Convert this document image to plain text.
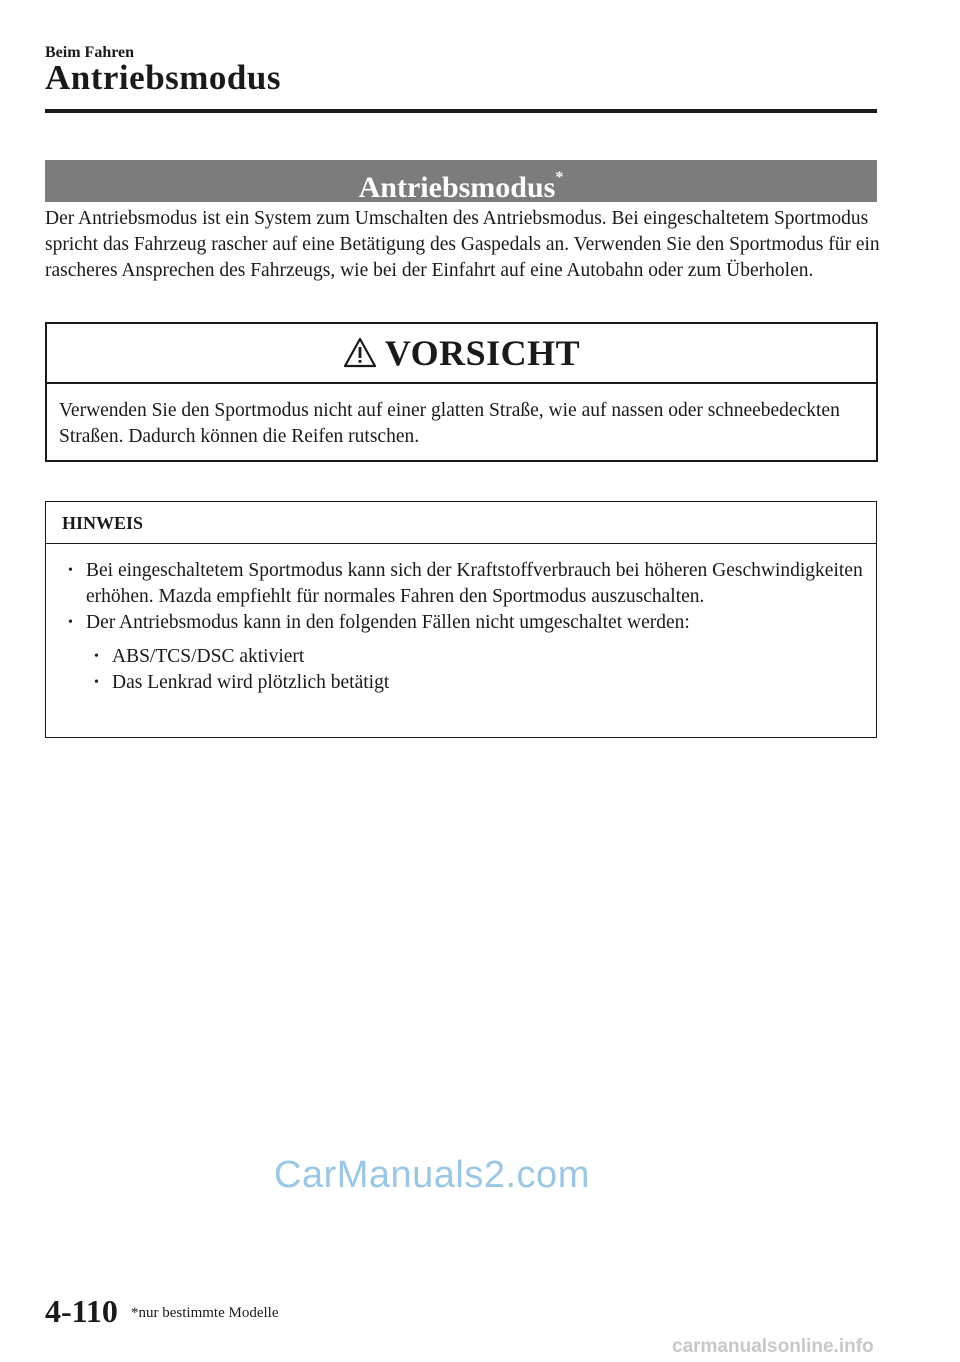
Beim Fahren
Antriebsmodus
Antriebsmodus*
Der Antriebsmodus ist ein System zum Umschalten des Antriebsmodus. Bei eingeschaltetem Sportmodus spricht das Fahrzeug rascher auf eine Betätigung des Gaspedals an. Verwenden Sie den Sportmodus für ein rascheres Ansprechen des Fahrzeugs, wie bei der Einfahrt auf eine Autobahn oder zum Überholen.
VORSICHT
Verwenden Sie den Sportmodus nicht auf einer glatten Straße, wie auf nassen oder schneebedeckten Straßen. Dadurch können die Reifen rutschen.
HINWEIS
• Bei eingeschaltetem Sportmodus kann sich der Kraftstoffverbrauch bei höheren Geschwindigkeiten erhöhen. Mazda empfiehlt für normales Fahren den Sportmodus auszuschalten.
• Der Antriebsmodus kann in den folgenden Fällen nicht umgeschaltet werden:
• ABS/TCS/DSC aktiviert
• Das Lenkrad wird plötzlich betätigt
CarManuals2.com
4-110 *nur bestimmte Modelle
carmanualsonline.info
